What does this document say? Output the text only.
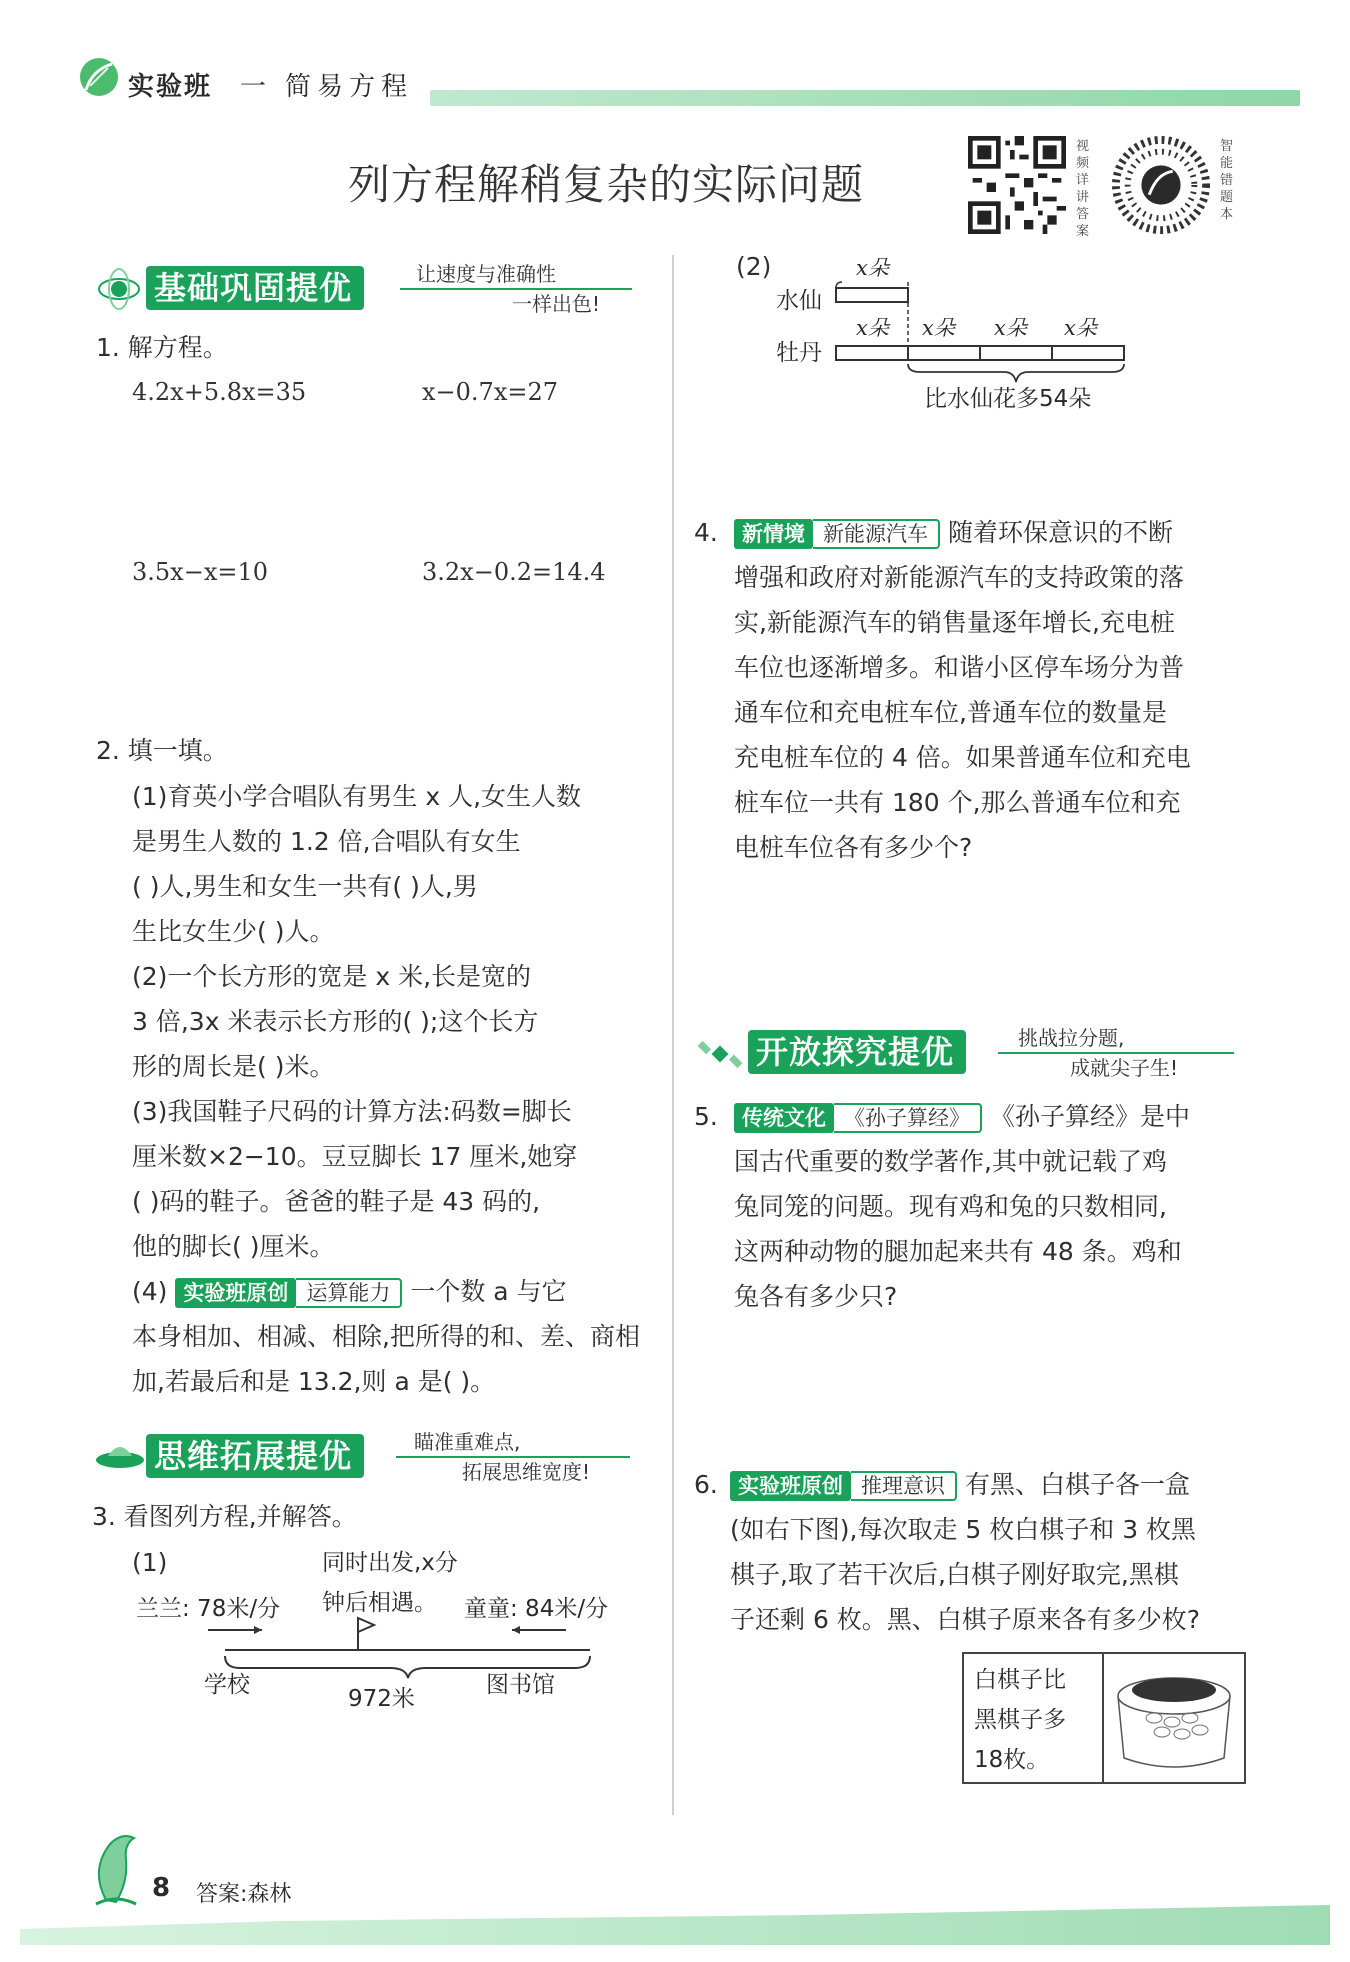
实验班 一 简易方程
列方程解稍复杂的实际问题
视频详讲答案
智能错题本
基础巩固提优	让速度与准确性
一样出色!
1. 解方程。
4.2x+5.8x=35	x−0.7x=27
3.5x−x=10	3.2x−0.2=14.4
2. 填一填。
(1)育英小学合唱队有男生 x 人,女生人数
是男生人数的 1.2 倍,合唱队有女生
( )人,男生和女生一共有( )人,男
生比女生少( )人。
(2)一个长方形的宽是 x 米,长是宽的
3 倍,3x 米表示长方形的( );这个长方
形的周长是( )米。
(3)我国鞋子尺码的计算方法:码数=脚长
厘米数×2−10。豆豆脚长 17 厘米,她穿
( )码的鞋子。爸爸的鞋子是 43 码的,
他的脚长( )厘米。
(4) 实验班原创 运算能力 一个数 a 与它
本身相加、相减、相除,把所得的和、差、商相
加,若最后和是 13.2,则 a 是( )。
思维拓展提优	瞄准重难点,
拓展思维宽度!
3. 看图列方程,并解答。
(1)	同时出发,x分
钟后相遇。
兰兰: 78米/分	童童: 84米/分
学校
972米
图书馆
(2)
水仙
牡丹
x朵
x朵 x朵 x朵 x朵
比水仙花多54朵
4.	新情境 新能源汽车 随着环保意识的不断
增强和政府对新能源汽车的支持政策的落
实,新能源汽车的销售量逐年增长,充电桩
车位也逐渐增多。和谐小区停车场分为普
通车位和充电桩车位,普通车位的数量是
充电桩车位的 4 倍。如果普通车位和充电
桩车位一共有 180 个,那么普通车位和充
电桩车位各有多少个?
开放探究提优	挑战拉分题,
成就尖子生!
5.	传统文化 《孙子算经》 《孙子算经》是中
国古代重要的数学著作,其中就记载了鸡
兔同笼的问题。现有鸡和兔的只数相同,
这两种动物的腿加起来共有 48 条。鸡和
兔各有多少只?
6. 实验班原创 推理意识 有黑、白棋子各一盒
(如右下图),每次取走 5 枚白棋子和 3 枚黑
棋子,取了若干次后,白棋子刚好取完,黑棋
子还剩 6 枚。黑、白棋子原来各有多少枚?
白棋子比
黑棋子多
18枚。
8 答案:森林
